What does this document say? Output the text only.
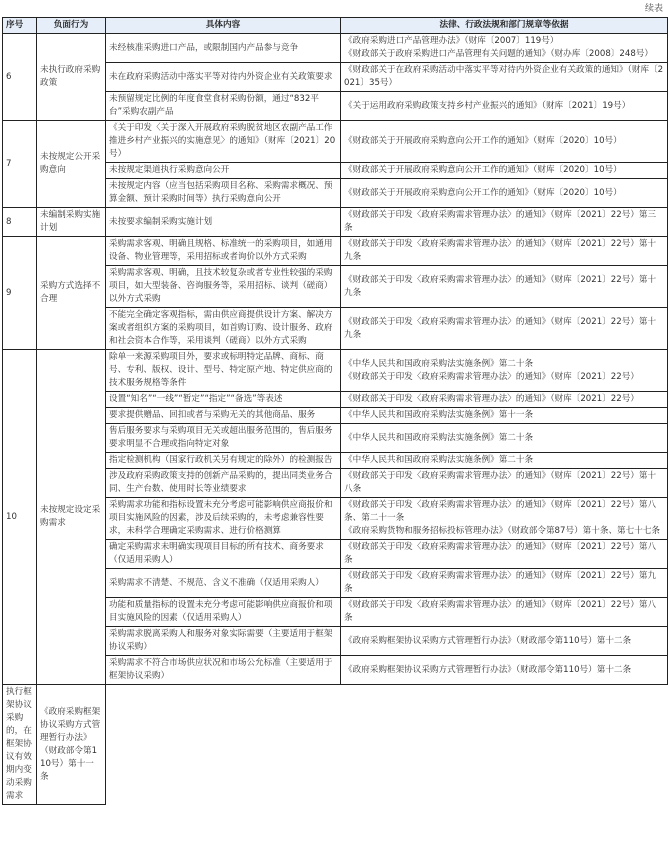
续表
序号	负面行为	具体内容	法律、行政法规和部门规章等依据
6	未执行政府采购政策	未经核准采购进口产品，或限制国内产品参与竞争	《政府采购进口产品管理办法》（财库〔2007〕119号）
《财政部关于政府采购进口产品管理有关问题的通知》（财办库〔2008〕248号）

		未在政府采购活动中落实平等对待内外资企业有关政策要求	《财政部关于在政府采购活动中落实平等对待内外资企业有关政策的通知》（财库〔2021〕35号）

		未预留规定比例的年度食堂食材采购份额，通过“832平台”采购农副产品	《关于运用政府采购政策支持乡村产业振兴的通知》（财库〔2021〕19号）

7	未按规定公开采购意向	《关于印发〈关于深入开展政府采购脱贫地区农副产品工作推进乡村产业振兴的实施意见〉的通知》（财库〔2021〕20号）	《财政部关于开展政府采购意向公开工作的通知》（财库〔2020〕10号）

		未按规定渠道执行采购意向公开	《财政部关于开展政府采购意向公开工作的通知》（财库〔2020〕10号）

		未按规定内容（应当包括采购项目名称、采购需求概况、预算金额、预计采购时间等）执行采购意向公开	《财政部关于开展政府采购意向公开工作的通知》（财库〔2020〕10号）

8	未编制采购实施计划	未按要求编制采购实施计划	《财政部关于印发〈政府采购需求管理办法〉的通知》（财库〔2021〕22号）第三条

9	采购方式选择不合理	采购需求客观、明确且规格、标准统一的采购项目，如通用设备、物业管理等，采用招标或者询价以外方式采购	《财政部关于印发〈政府采购需求管理办法〉的通知》（财库〔2021〕22号）第十九条

		采购需求客观、明确，且技术较复杂或者专业性较强的采购项目，如大型装备、咨询服务等，采用招标、谈判（磋商）以外方式采购	《财政部关于印发〈政府采购需求管理办法〉的通知》（财库〔2021〕22号）第十九条

		不能完全确定客观指标，需由供应商提供设计方案、解决方案或者组织方案的采购项目，如首购订购、设计服务、政府和社会资本合作等，采用谈判（磋商）以外方式采购	《财政部关于印发〈政府采购需求管理办法〉的通知》（财库〔2021〕22号）第十九条

10	未按规定设定采购需求	除单一来源采购项目外，要求或标明特定品牌、商标、商号、专利、版权、设计、型号、特定原产地、特定供应商的技术服务规格等条件	《中华人民共和国政府采购法实施条例》第二十条
《财政部关于印发〈政府采购需求管理办法〉的通知》（财库〔2021〕22号）

		设置“知名”“一线”“暂定”“指定”“备选”等表述	《财政部关于印发〈政府采购需求管理办法〉的通知》（财库〔2021〕22号）

		要求提供赠品、回扣或者与采购无关的其他商品、服务	《中华人民共和国政府采购法实施条例》第十一条

		售后服务要求与采购项目无关或超出服务范围的，售后服务要求明显不合理或指向特定对象	《中华人民共和国政府采购法实施条例》第二十条

		指定检测机构（国家行政机关另有规定的除外）的检测报告	《中华人民共和国政府采购法实施条例》第二十条

		涉及政府采购政策支持的创新产品采购的，提出同类业务合同、生产台数、使用时长等业绩要求	《财政部关于印发〈政府采购需求管理办法〉的通知》（财库〔2021〕22号）第十八条

		采购需求功能和指标设置未充分考虑可能影响供应商报价和项目实施风险的因素，涉及后续采购的，未考虑兼容性要求，未科学合理确定采购需求、进行价格测算	《财政部关于印发〈政府采购需求管理办法〉的通知》（财库〔2021〕22号）第八条、第二十一条
《政府采购货物和服务招标投标管理办法》（财政部令第87号）第十条、第七十七条

		确定采购需求未明确实现项目目标的所有技术、商务要求（仅适用采购人）	《财政部关于印发〈政府采购需求管理办法〉的通知》（财库〔2021〕22号）第八条

		采购需求不清楚、不规范、含义不准确（仅适用采购人）	《财政部关于印发〈政府采购需求管理办法〉的通知》（财库〔2021〕22号）第九条

		功能和质量指标的设置未充分考虑可能影响供应商报价和项目实施风险的因素（仅适用采购人）	《财政部关于印发〈政府采购需求管理办法〉的通知》（财库〔2021〕22号）第八条

		采购需求脱离采购人和服务对象实际需要（主要适用于框架协议采购）	《政府采购框架协议采购方式管理暂行办法》（财政部令第110号）第十二条

		采购需求不符合市场供应状况和市场公允标准（主要适用于框架协议采购）	《政府采购框架协议采购方式管理暂行办法》（财政部令第110号）第十二条

执行框架协议采购的，在框架协议有效期内变动采购需求	《政府采购框架协议采购方式管理暂行办法》（财政部令第110号）第十一条		
